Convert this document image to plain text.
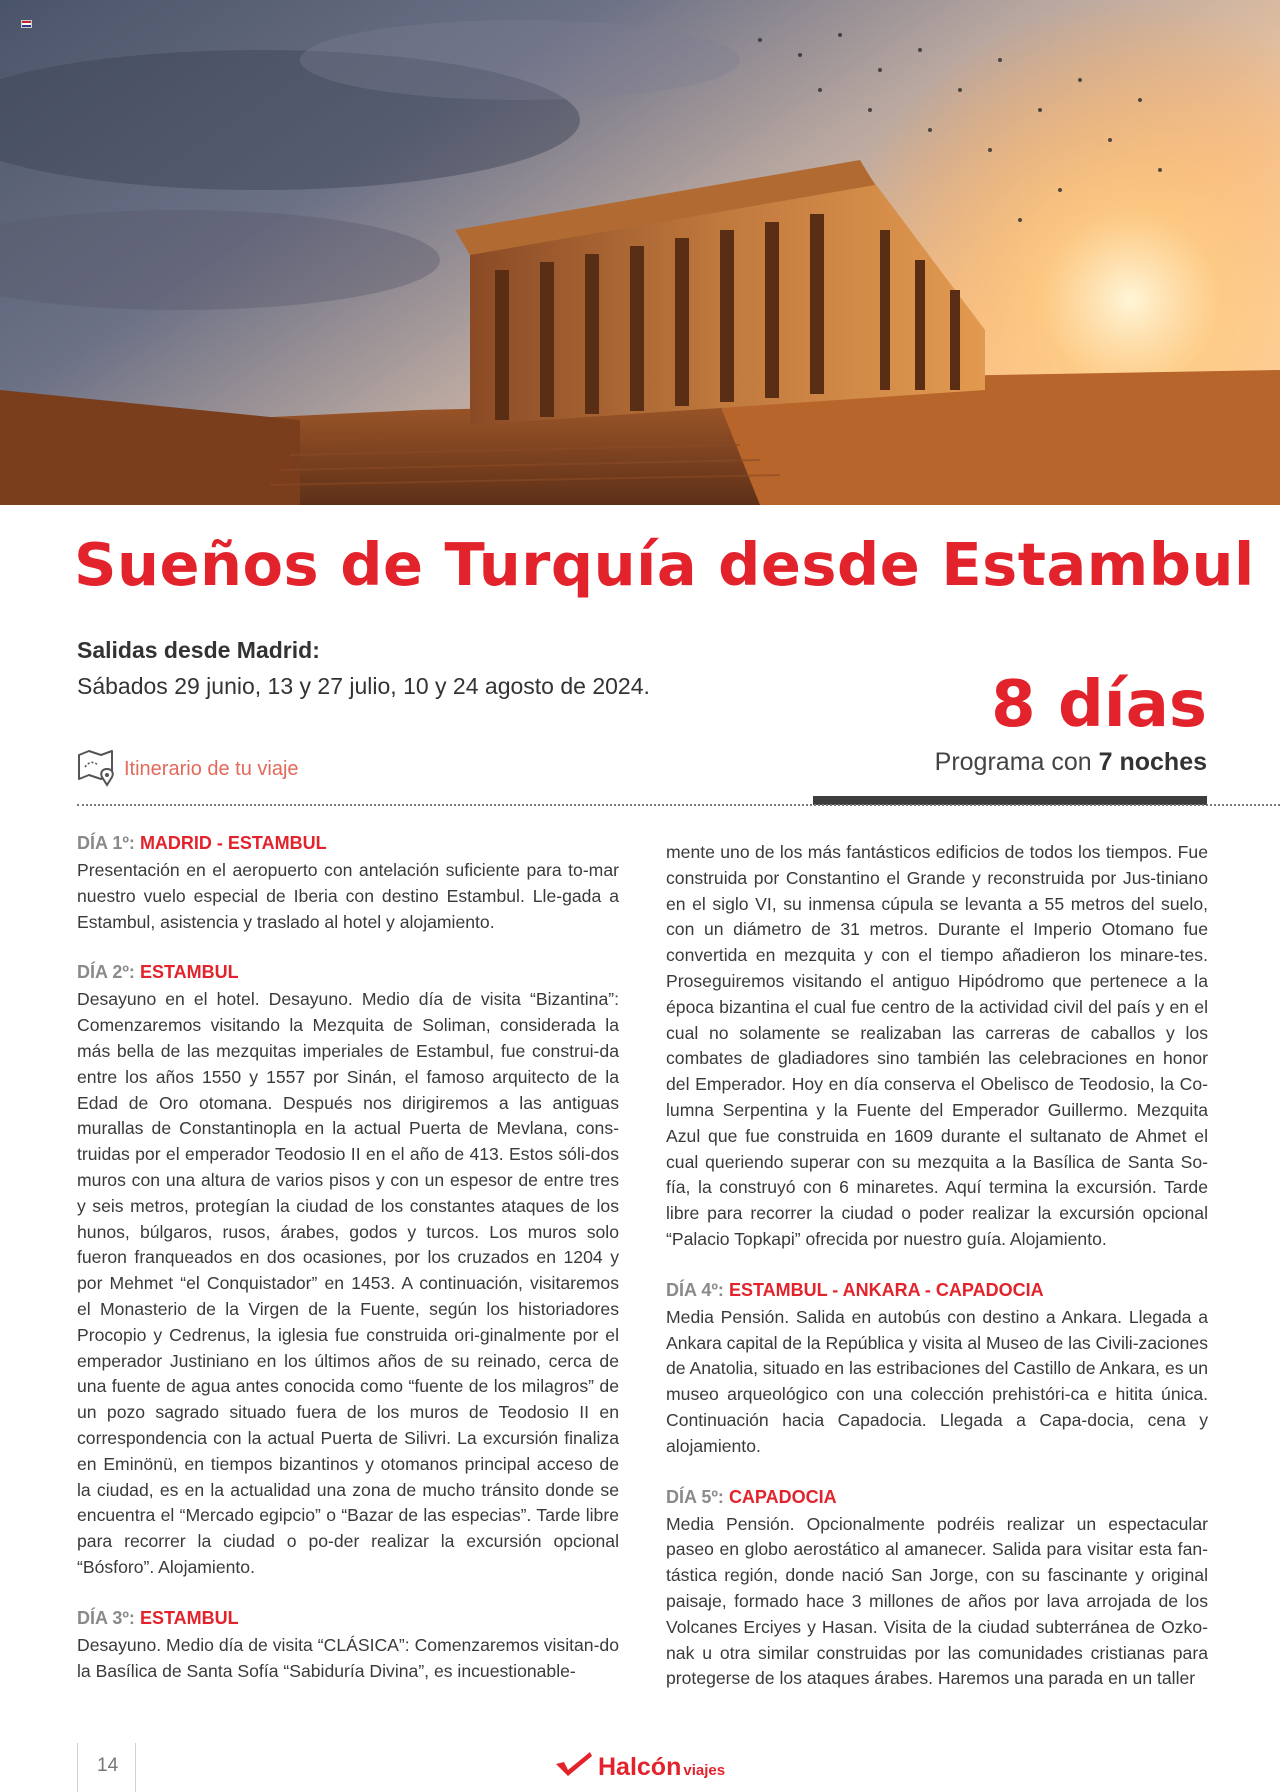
Sueños de Turquía desde Estambul
Salidas desde Madrid:
Sábados 29 junio, 13 y 27 julio, 10 y 24 agosto de 2024.	8 días
Programa con 7 noches
Itinerario de tu viaje
DÍA 1º: MADRID - ESTAMBUL

Presentación en el aeropuerto con antelación suficiente para to-mar nuestro vuelo especial de Iberia con destino Estambul. Lle-gada a Estambul, asistencia y traslado al hotel y alojamiento.

DÍA 2º: ESTAMBUL

Desayuno en el hotel. Desayuno. Medio día de visita “Bizantina”: Comenzaremos visitando la Mezquita de Soliman, considerada la más bella de las mezquitas imperiales de Estambul, fue construi-da entre los años 1550 y 1557 por Sinán, el famoso arquitecto de la Edad de Oro otomana. Después nos dirigiremos a las antiguas murallas de Constantinopla en la actual Puerta de Mevlana, cons-truidas por el emperador Teodosio II en el año de 413. Estos sóli-dos muros con una altura de varios pisos y con un espesor de entre tres y seis metros, protegían la ciudad de los constantes ataques de los hunos, búlgaros, rusos, árabes, godos y turcos. Los muros solo fueron franqueados en dos ocasiones, por los cruzados en 1204 y por Mehmet “el Conquistador” en 1453. A continuación, visitaremos el Monasterio de la Virgen de la Fuente, según los historiadores Procopio y Cedrenus, la iglesia fue construida ori-ginalmente por el emperador Justiniano en los últimos años de su reinado, cerca de una fuente de agua antes conocida como “fuente de los milagros” de un pozo sagrado situado fuera de los muros de Teodosio II en correspondencia con la actual Puerta de Silivri. La excursión finaliza en Eminönü, en tiempos bizantinos y otomanos principal acceso de la ciudad, es en la actualidad una zona de mucho tránsito donde se encuentra el “Mercado egipcio” o “Bazar de las especias”. Tarde libre para recorrer la ciudad o po-der realizar la excursión opcional “Bósforo”. Alojamiento.

DÍA 3º: ESTAMBUL

Desayuno. Medio día de visita “CLÁSICA”: Comenzaremos visitan-do la Basílica de Santa Sofía “Sabiduría Divina”, es incuestionable-

mente uno de los más fantásticos edificios de todos los tiempos. Fue construida por Constantino el Grande y reconstruida por Jus-tiniano en el siglo VI, su inmensa cúpula se levanta a 55 metros del suelo, con un diámetro de 31 metros. Durante el Imperio Otomano fue convertida en mezquita y con el tiempo añadieron los minare-tes. Proseguiremos visitando el antiguo Hipódromo que pertenece a la época bizantina el cual fue centro de la actividad civil del país y en el cual no solamente se realizaban las carreras de caballos y los combates de gladiadores sino también las celebraciones en honor del Emperador. Hoy en día conserva el Obelisco de Teodosio, la Co-lumna Serpentina y la Fuente del Emperador Guillermo. Mezquita Azul que fue construida en 1609 durante el sultanato de Ahmet el cual queriendo superar con su mezquita a la Basílica de Santa So-fía, la construyó con 6 minaretes. Aquí termina la excursión. Tarde libre para recorrer la ciudad o poder realizar la excursión opcional “Palacio Topkapi” ofrecida por nuestro guía. Alojamiento.

DÍA 4º: ESTAMBUL - ANKARA - CAPADOCIA

Media Pensión. Salida en autobús con destino a Ankara. Llegada a Ankara capital de la República y visita al Museo de las Civili-zaciones de Anatolia, situado en las estribaciones del Castillo de Ankara, es un museo arqueológico con una colección prehistóri-ca e hitita única. Continuación hacia Capadocia. Llegada a Capa-docia, cena y alojamiento.

DÍA 5º: CAPADOCIA

Media Pensión. Opcionalmente podréis realizar un espectacular paseo en globo aerostático al amanecer. Salida para visitar esta fan-tástica región, donde nació San Jorge, con su fascinante y original paisaje, formado hace 3 millones de años por lava arrojada de los Volcanes Erciyes y Hasan. Visita de la ciudad subterránea de Ozko-nak u otra similar construidas por las comunidades cristianas para protegerse de los ataques árabes. Haremos una parada en un taller

14	Halcón viajes
